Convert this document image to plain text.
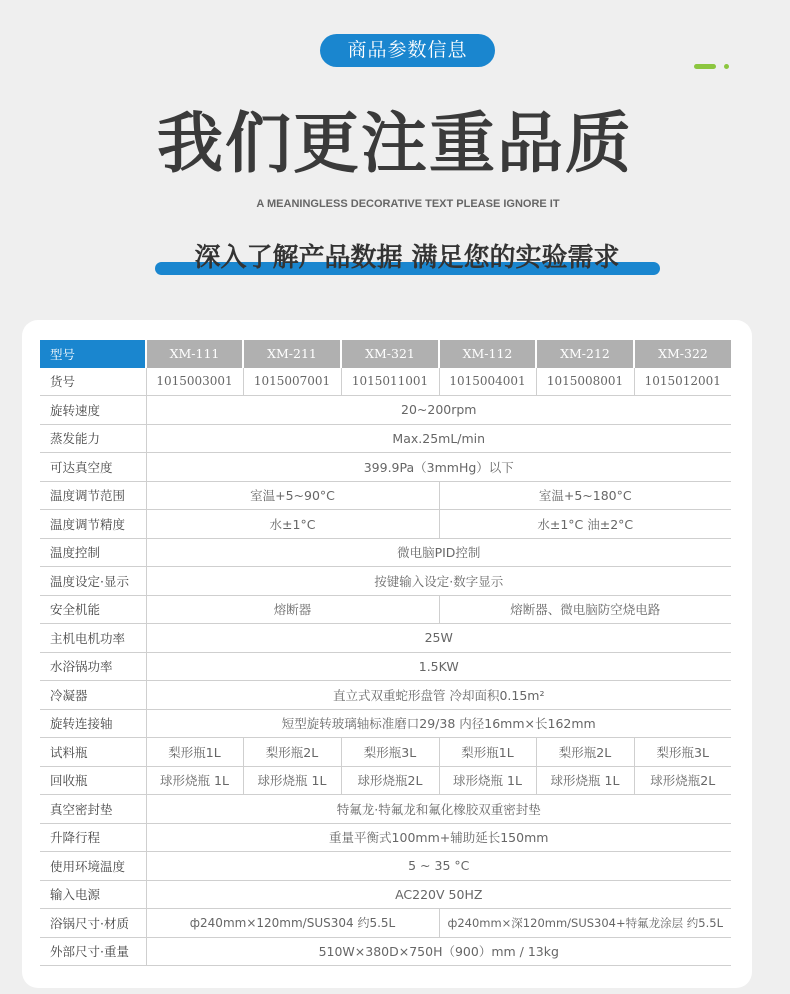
商品参数信息
我们更注重品质
A MEANINGLESS DECORATIVE TEXT PLEASE IGNORE IT
深入了解产品数据 满足您的实验需求
型号	XM-111	XM-211	XM-321	XM-112	XM-212	XM-322
货号	1015003001	1015007001	1015011001	1015004001	1015008001	1015012001
旋转速度	20~200rpm					
蒸发能力	Max.25mL/min					
可达真空度	399.9Pa（3mmHg）以下					
温度调节范围	室温+5~90°C			室温+5~180°C		
温度调节精度	水±1°C			水±1°C 油±2°C		
温度控制	微电脑PID控制					
温度设定·显示	按键输入设定·数字显示					
安全机能	熔断器			熔断器、微电脑防空烧电路		
主机电机功率	25W					
水浴锅功率	1.5KW					
冷凝器	直立式双重蛇形盘管 冷却面积0.15m²					
旋转连接轴	短型旋转玻璃轴标准磨口29/38 内径16mm×长162mm					
试料瓶	梨形瓶1L	梨形瓶2L	梨形瓶3L	梨形瓶1L	梨形瓶2L	梨形瓶3L
回收瓶	球形烧瓶 1L	球形烧瓶 1L	球形烧瓶2L	球形烧瓶 1L	球形烧瓶 1L	球形烧瓶2L
真空密封垫	特氟龙·特氟龙和氟化橡胶双重密封垫					
升降行程	重量平衡式100mm+辅助延长150mm					
使用环境温度	5 ~ 35 °C					
输入电源	AC220V 50HZ					
浴锅尺寸·材质	ф240mm×120mm/SUS304 约5.5L			ф240mm×深120mm/SUS304+特氟龙涂层 约5.5L		
外部尺寸·重量	510W×380D×750H（900）mm / 13kg					
